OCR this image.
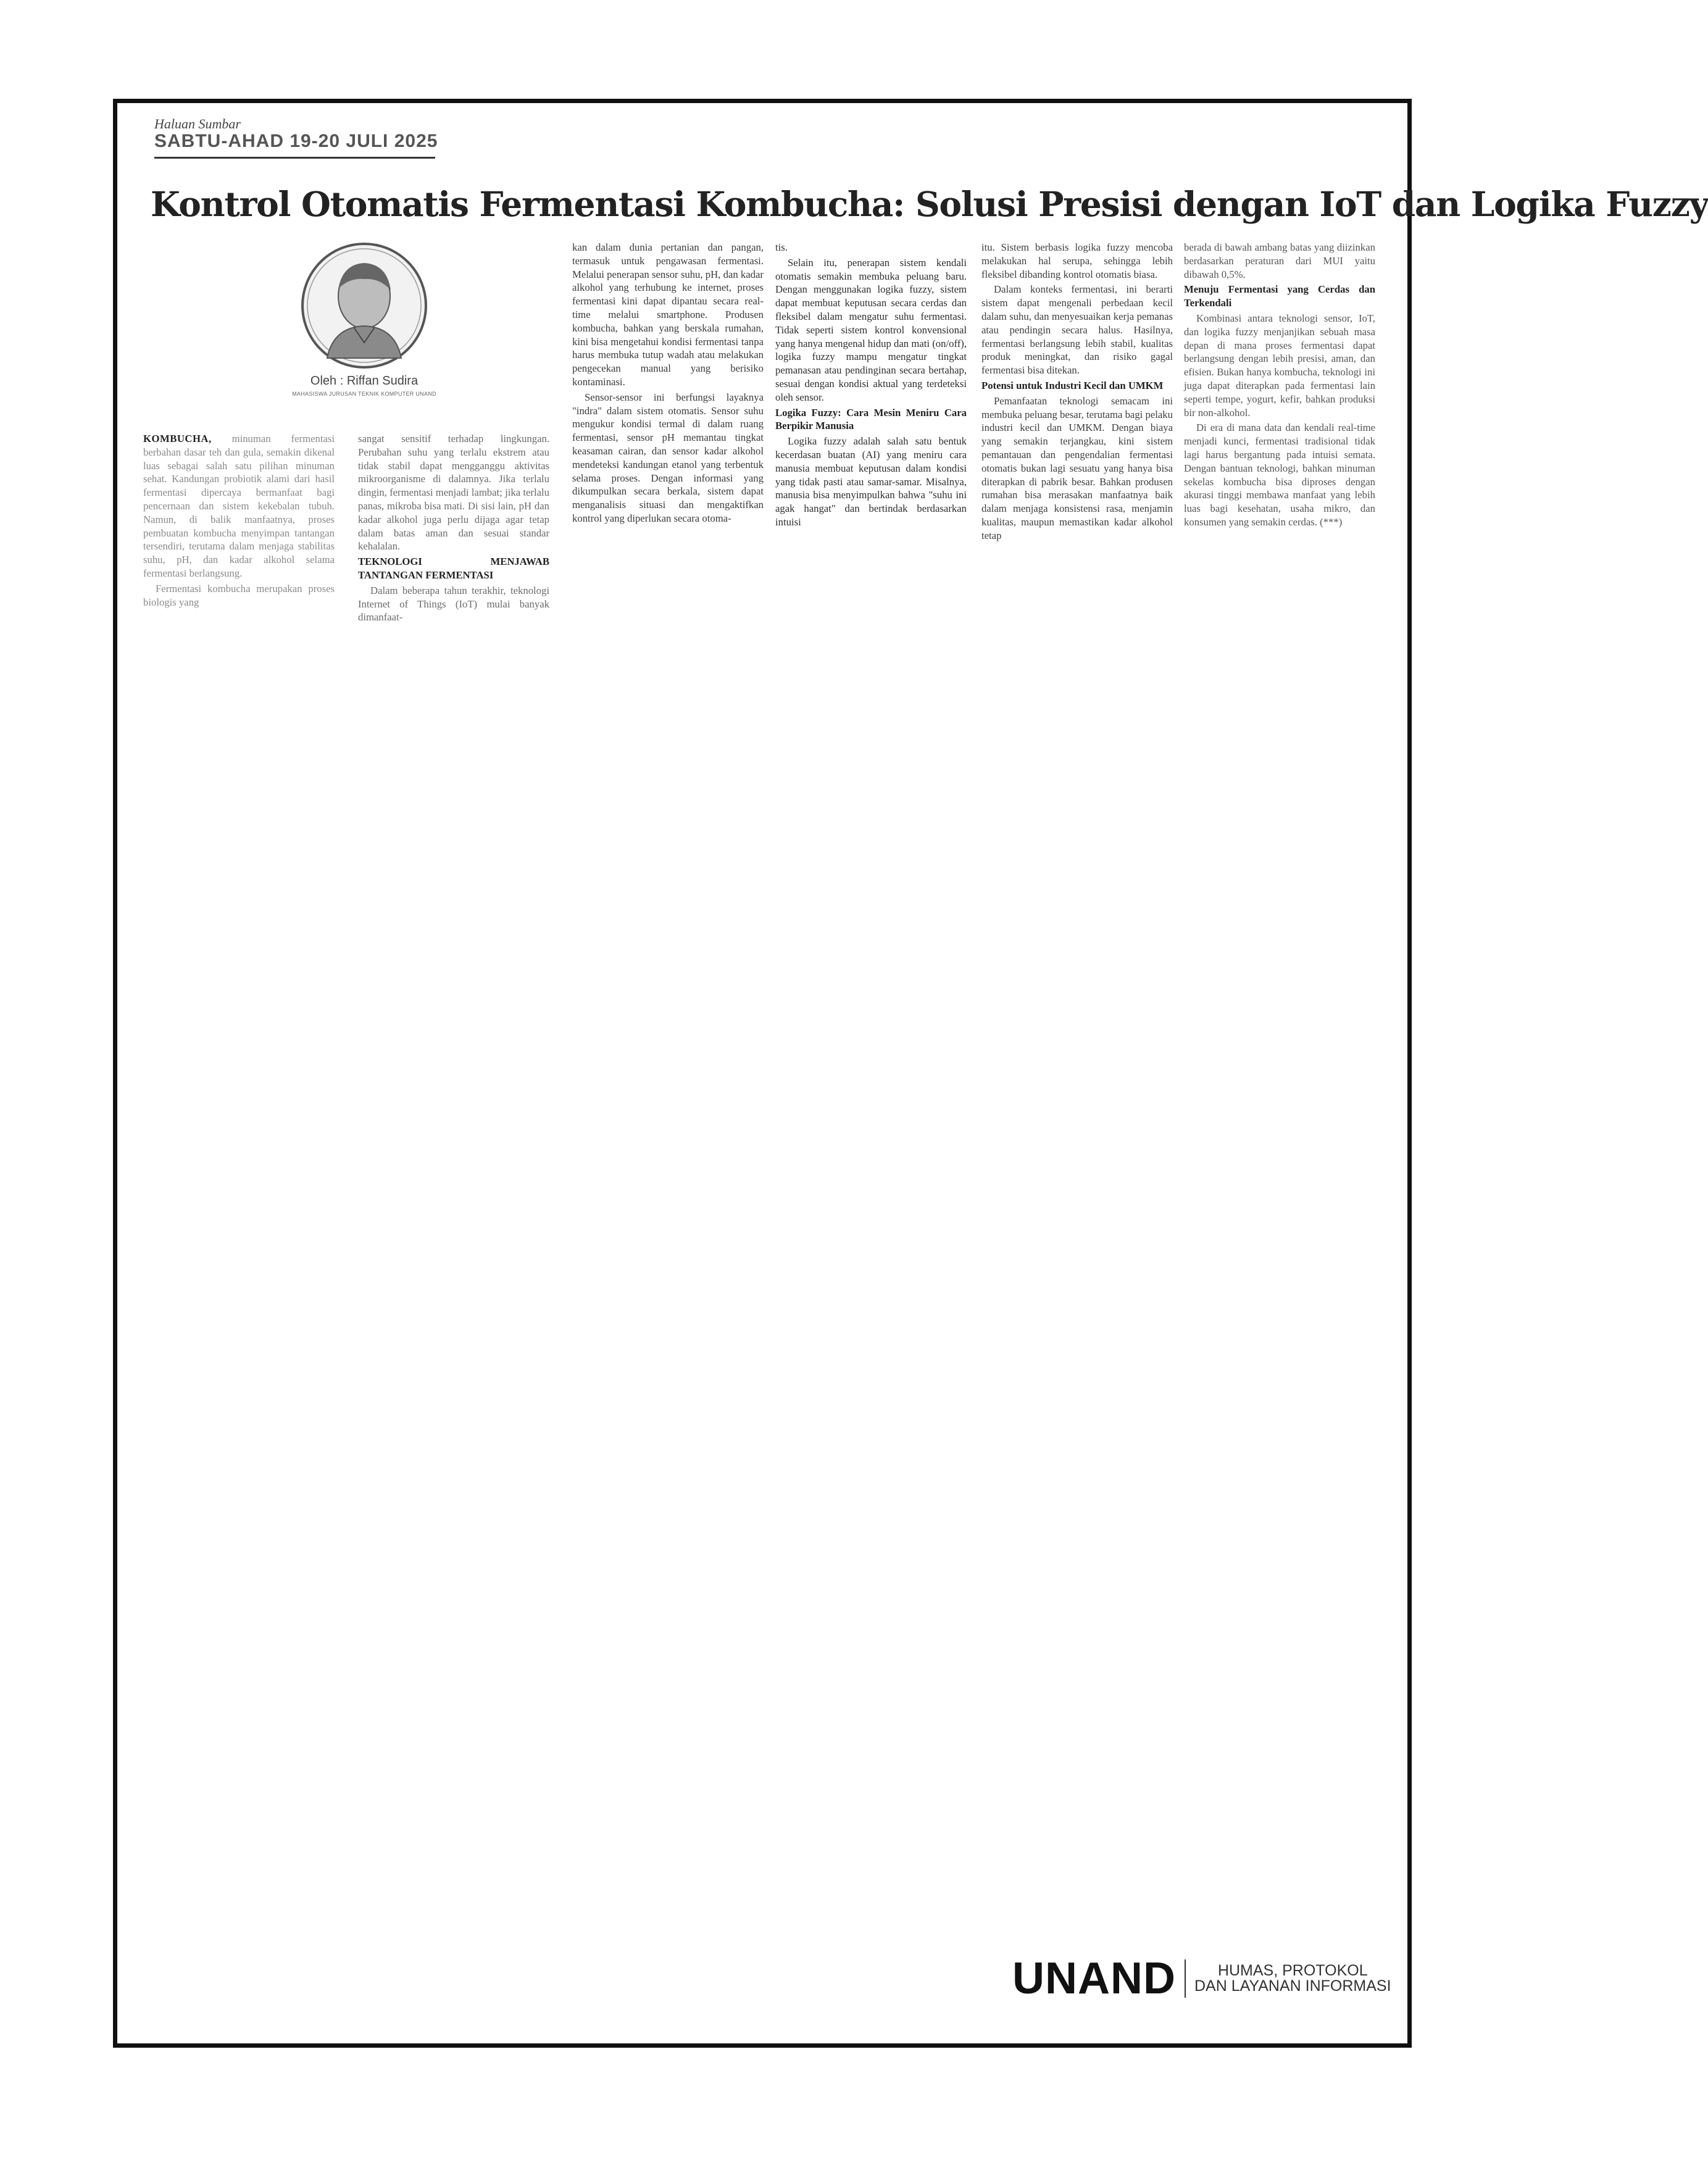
Haluan Sumbar
SABTU-AHAD 19-20 JULI 2025
Kontrol Otomatis Fermentasi Kombucha: Solusi Presisi dengan IoT dan Logika Fuzzy
Oleh : Riffan Sudira
MAHASISWA JURUSAN TEKNIK KOMPUTER UNAND

KOMBUCHA, minuman fermentasi berbahan dasar teh dan gula, semakin dikenal luas sebagai salah satu pilihan minuman sehat. Kandungan probiotik alami dari hasil fermentasi dipercaya bermanfaat bagi pencernaan dan sistem kekebalan tubuh. Namun, di balik manfaatnya, proses pembuatan kombucha menyimpan tantangan tersendiri, terutama dalam menjaga stabilitas suhu, pH, dan kadar alkohol selama fermentasi berlangsung.

Fermentasi kombucha merupakan proses biologis yang

sangat sensitif terhadap lingkungan. Perubahan suhu yang terlalu ekstrem atau tidak stabil dapat mengganggu aktivitas mikroorganisme di dalamnya. Jika terlalu dingin, fermentasi menjadi lambat; jika terlalu panas, mikroba bisa mati. Di sisi lain, pH dan kadar alkohol juga perlu dijaga agar tetap dalam batas aman dan sesuai standar kehalalan.

TEKNOLOGI MENJAWAB TANTANGAN FERMENTASI

Dalam beberapa tahun terakhir, teknologi Internet of Things (IoT) mulai banyak dimanfaat-

kan dalam dunia pertanian dan pangan, termasuk untuk pengawasan fermentasi. Melalui penerapan sensor suhu, pH, dan kadar alkohol yang terhubung ke internet, proses fermentasi kini dapat dipantau secara real-time melalui smartphone. Produsen kombucha, bahkan yang berskala rumahan, kini bisa mengetahui kondisi fermentasi tanpa harus membuka tutup wadah atau melakukan pengecekan manual yang berisiko kontaminasi.

Sensor-sensor ini berfungsi layaknya "indra" dalam sistem otomatis. Sensor suhu mengukur kondisi termal di dalam ruang fermentasi, sensor pH memantau tingkat keasaman cairan, dan sensor kadar alkohol mendeteksi kandungan etanol yang terbentuk selama proses. Dengan informasi yang dikumpulkan secara berkala, sistem dapat menganalisis situasi dan mengaktifkan kontrol yang diperlukan secara otoma-

tis.

Selain itu, penerapan sistem kendali otomatis semakin membuka peluang baru. Dengan menggunakan logika fuzzy, sistem dapat membuat keputusan secara cerdas dan fleksibel dalam mengatur suhu fermentasi. Tidak seperti sistem kontrol konvensional yang hanya mengenal hidup dan mati (on/off), logika fuzzy mampu mengatur tingkat pemanasan atau pendinginan secara bertahap, sesuai dengan kondisi aktual yang terdeteksi oleh sensor.

Logika Fuzzy: Cara Mesin Meniru Cara Berpikir Manusia

Logika fuzzy adalah salah satu bentuk kecerdasan buatan (AI) yang meniru cara manusia membuat keputusan dalam kondisi yang tidak pasti atau samar-samar. Misalnya, manusia bisa menyimpulkan bahwa "suhu ini agak hangat" dan bertindak berdasarkan intuisi

itu. Sistem berbasis logika fuzzy mencoba melakukan hal serupa, sehingga lebih fleksibel dibanding kontrol otomatis biasa.

Dalam konteks fermentasi, ini berarti sistem dapat mengenali perbedaan kecil dalam suhu, dan menyesuaikan kerja pemanas atau pendingin secara halus. Hasilnya, fermentasi berlangsung lebih stabil, kualitas produk meningkat, dan risiko gagal fermentasi bisa ditekan.

Potensi untuk Industri Kecil dan UMKM

Pemanfaatan teknologi semacam ini membuka peluang besar, terutama bagi pelaku industri kecil dan UMKM. Dengan biaya yang semakin terjangkau, kini sistem pemantauan dan pengendalian fermentasi otomatis bukan lagi sesuatu yang hanya bisa diterapkan di pabrik besar. Bahkan produsen rumahan bisa merasakan manfaatnya baik dalam menjaga konsistensi rasa, menjamin kualitas, maupun memastikan kadar alkohol tetap

berada di bawah ambang batas yang diizinkan berdasarkan peraturan dari MUI yaitu dibawah 0,5%.

Menuju Fermentasi yang Cerdas dan Terkendali

Kombinasi antara teknologi sensor, IoT, dan logika fuzzy menjanjikan sebuah masa depan di mana proses fermentasi dapat berlangsung dengan lebih presisi, aman, dan efisien. Bukan hanya kombucha, teknologi ini juga dapat diterapkan pada fermentasi lain seperti tempe, yogurt, kefir, bahkan produksi bir non-alkohol.

Di era di mana data dan kendali real-time menjadi kunci, fermentasi tradisional tidak lagi harus bergantung pada intuisi semata. Dengan bantuan teknologi, bahkan minuman sekelas kombucha bisa diproses dengan akurasi tinggi membawa manfaat yang lebih luas bagi kesehatan, usaha mikro, dan konsumen yang semakin cerdas. (***)

UNAND	HUMAS, PROTOKOL
DAN LAYANAN INFORMASI
